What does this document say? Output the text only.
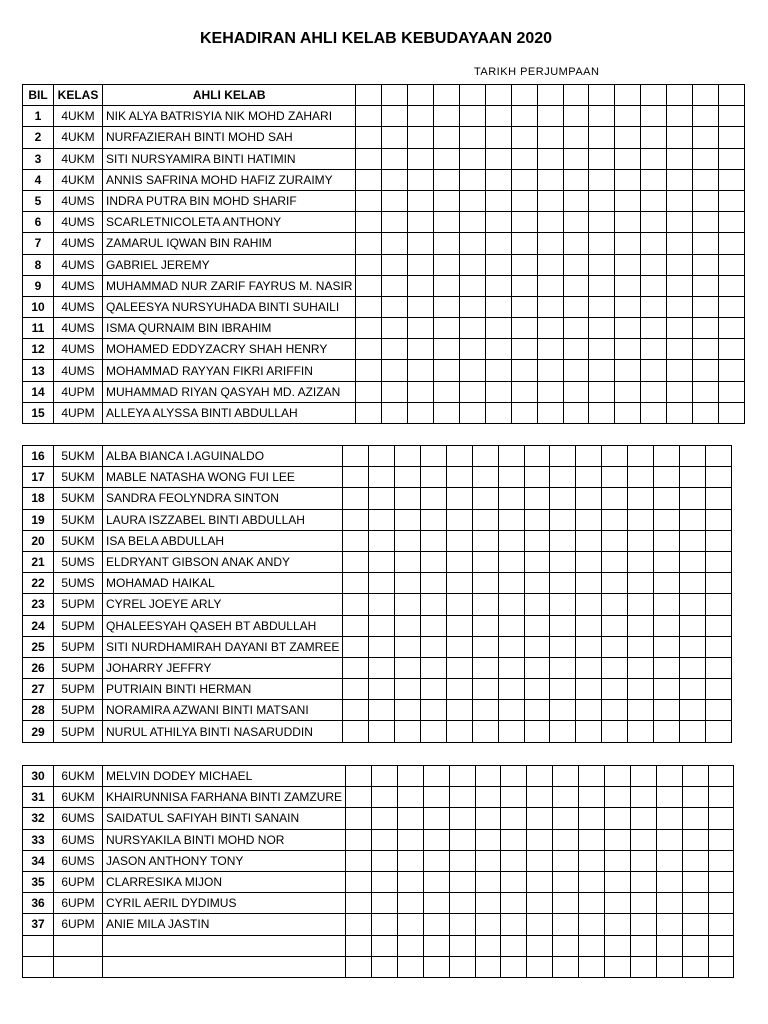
KEHADIRAN AHLI KELAB KEBUDAYAAN 2020
TARIKH PERJUMPAAN
BIL	KELAS	AHLI KELAB															
1	4UKM	NIK ALYA BATRISYIA NIK MOHD ZAHARI															
2	4UKM	NURFAZIERAH BINTI MOHD SAH															
3	4UKM	SITI NURSYAMIRA BINTI HATIMIN															
4	4UKM	ANNIS SAFRINA MOHD HAFIZ ZURAIMY															
5	4UMS	INDRA PUTRA BIN MOHD SHARIF															
6	4UMS	SCARLETNICOLETA ANTHONY															
7	4UMS	ZAMARUL IQWAN BIN RAHIM															
8	4UMS	GABRIEL JEREMY															
9	4UMS	MUHAMMAD NUR ZARIF FAYRUS M. NASIR															
10	4UMS	QALEESYA NURSYUHADA BINTI SUHAILI															
11	4UMS	ISMA QURNAIM BIN IBRAHIM															
12	4UMS	MOHAMED EDDYZACRY SHAH HENRY															
13	4UMS	MOHAMMAD RAYYAN FIKRI ARIFFIN															
14	4UPM	MUHAMMAD RIYAN QASYAH MD. AZIZAN															
15	4UPM	ALLEYA ALYSSA BINTI ABDULLAH															
16	5UKM	ALBA BIANCA I.AGUINALDO															
17	5UKM	MABLE NATASHA WONG FUI LEE															
18	5UKM	SANDRA FEOLYNDRA SINTON															
19	5UKM	LAURA ISZZABEL BINTI ABDULLAH															
20	5UKM	ISA BELA ABDULLAH															
21	5UMS	ELDRYANT GIBSON ANAK ANDY															
22	5UMS	MOHAMAD HAIKAL															
23	5UPM	CYREL JOEYE ARLY															
24	5UPM	QHALEESYAH QASEH BT ABDULLAH															
25	5UPM	SITI NURDHAMIRAH DAYANI BT ZAMREE															
26	5UPM	JOHARRY JEFFRY															
27	5UPM	PUTRIAIN BINTI HERMAN															
28	5UPM	NORAMIRA AZWANI BINTI MATSANI															
29	5UPM	NURUL ATHILYA BINTI NASARUDDIN															
30	6UKM	MELVIN DODEY MICHAEL															
31	6UKM	KHAIRUNNISA FARHANA BINTI ZAMZURE															
32	6UMS	SAIDATUL SAFIYAH BINTI SANAIN															
33	6UMS	NURSYAKILA BINTI MOHD NOR															
34	6UMS	JASON ANTHONY TONY															
35	6UPM	CLARRESIKA MIJON															
36	6UPM	CYRIL AERIL DYDIMUS															
37	6UPM	ANIE MILA JASTIN															
